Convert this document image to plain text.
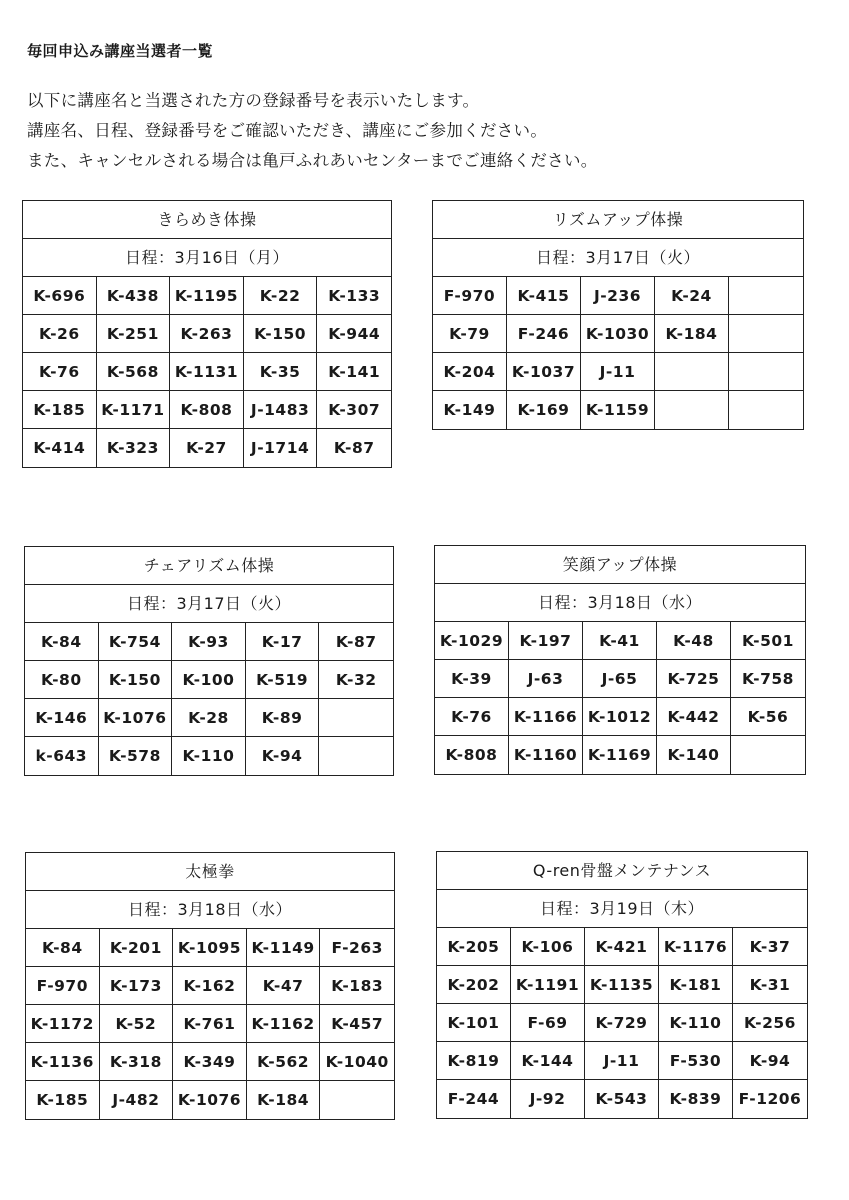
毎回申込み講座当選者一覧
以下に講座名と当選された方の登録番号を表示いたします。
講座名、日程、登録番号をご確認いただき、講座にご参加ください。
また、キャンセルされる場合は亀戸ふれあいセンターまでご連絡ください。
きらめき体操
日程：3月16日（月）
K-696	K-438	K-1195	K-22	K-133
K-26	K-251	K-263	K-150	K-944
K-76	K-568	K-1131	K-35	K-141
K-185	K-1171	K-808	J-1483	K-307
K-414	K-323	K-27	J-1714	K-87
リズムアップ体操
日程：3月17日（火）
F-970	K-415	J-236	K-24
K-79	F-246	K-1030	K-184
K-204	K-1037	J-11
K-149	K-169	K-1159
チェアリズム体操
日程：3月17日（火）
K-84	K-754	K-93	K-17	K-87
K-80	K-150	K-100	K-519	K-32
K-146	K-1076	K-28	K-89
k-643	K-578	K-110	K-94
笑顔アップ体操
日程：3月18日（水）
K-1029	K-197	K-41	K-48	K-501
K-39	J-63	J-65	K-725	K-758
K-76	K-1166 K-1012	K-442	K-56
K-808	K-1160 K-1169	K-140
太極拳
日程：3月18日（水）
K-84	K-201	K-1095 K-1149	F-263
F-970	K-173	K-162	K-47	K-183
K-1172	K-52	K-761	K-1162	K-457
K-1136	K-318	K-349	K-562	K-1040
K-185	J-482	K-1076	K-184
Q-ren骨盤メンテナンス
日程：3月19日（木）
K-205	K-106	K-421	K-1176	K-37
K-202	K-1191 K-1135	K-181	K-31
K-101	F-69	K-729	K-110	K-256
K-819	K-144	J-11	F-530	K-94
F-244	J-92	K-543	K-839	F-1206
